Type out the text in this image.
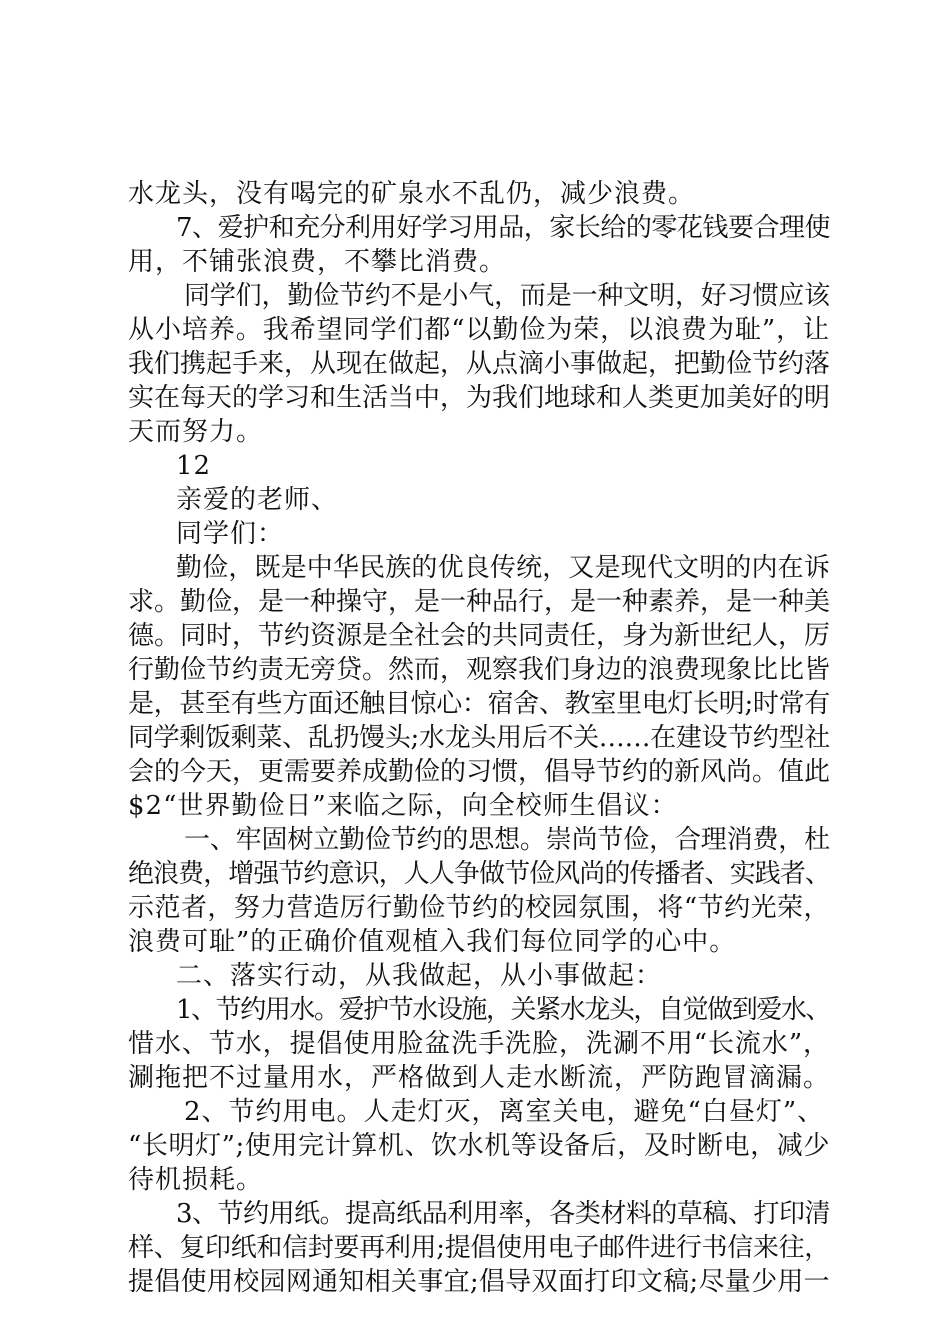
水龙头，没有喝完的矿泉水不乱仍，减少浪费。
7、爱护和充分利用好学习用品，家长给的零花钱要合理使
用，不铺张浪费，不攀比消费。
同学们，勤俭节约不是小气，而是一种文明，好习惯应该
从小培养。我希望同学们都“以勤俭为荣，以浪费为耻”，让
我们携起手来，从现在做起，从点滴小事做起，把勤俭节约落
实在每天的学习和生活当中，为我们地球和人类更加美好的明
天而努力。
12
亲爱的老师、
同学们：
勤俭，既是中华民族的优良传统，又是现代文明的内在诉
求。勤俭，是一种操守，是一种品行，是一种素养，是一种美
德。同时，节约资源是全社会的共同责任，身为新世纪人，厉
行勤俭节约责无旁贷。然而，观察我们身边的浪费现象比比皆
是，甚至有些方面还触目惊心：宿舍、教室里电灯长明;时常有
同学剩饭剩菜、乱扔馒头;水龙头用后不关……在建设节约型社
会的今天，更需要养成勤俭的习惯，倡导节约的新风尚。值此
$2“世界勤俭日”来临之际，向全校师生倡议：
一、牢固树立勤俭节约的思想。崇尚节俭，合理消费，杜
绝浪费，增强节约意识，人人争做节俭风尚的传播者、实践者、
示范者，努力营造厉行勤俭节约的校园氛围，将“节约光荣，
浪费可耻”的正确价值观植入我们每位同学的心中。
二、落实行动，从我做起，从小事做起：
1、节约用水。爱护节水设施，关紧水龙头，自觉做到爱水、
惜水、节水，提倡使用脸盆洗手洗脸，洗涮不用“长流水”，
涮拖把不过量用水，严格做到人走水断流，严防跑冒滴漏。
2、节约用电。人走灯灭，离室关电，避免“白昼灯”、
“长明灯”;使用完计算机、饮水机等设备后，及时断电，减少
待机损耗。
3、节约用纸。提高纸品利用率，各类材料的草稿、打印清
样、复印纸和信封要再利用;提倡使用电子邮件进行书信来往，
提倡使用校园网通知相关事宜;倡导双面打印文稿;尽量少用一
